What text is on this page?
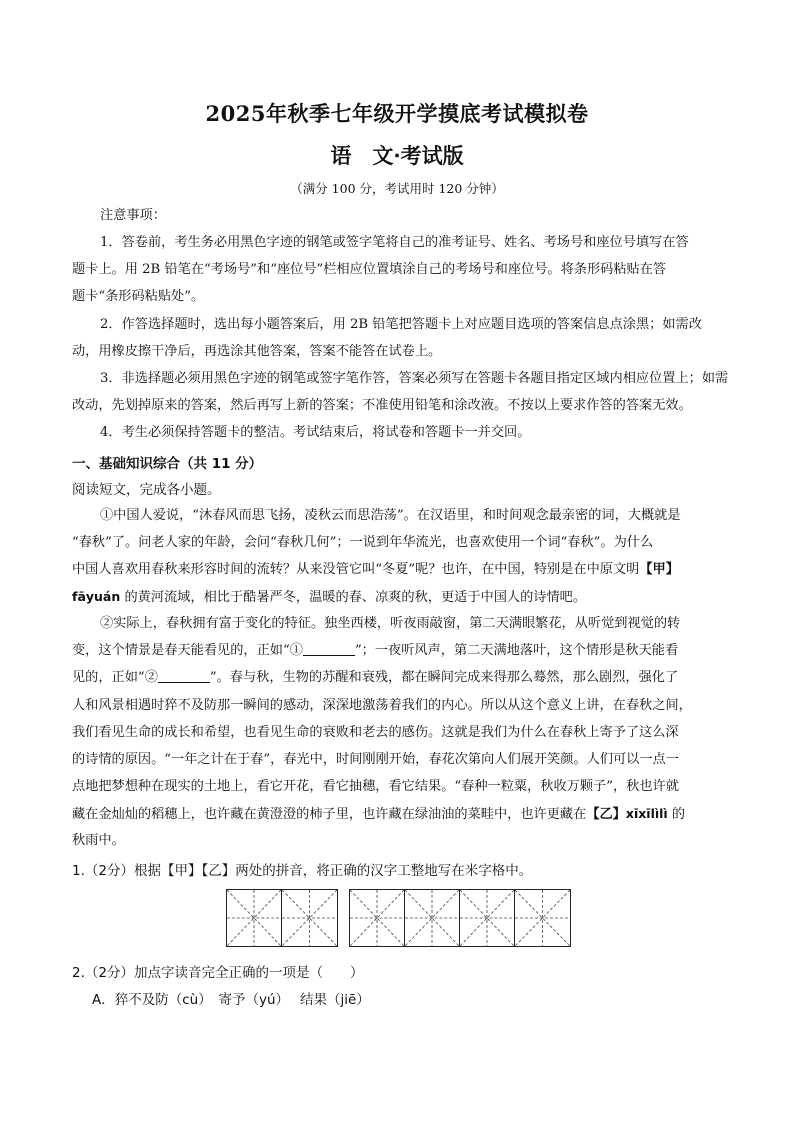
2025年秋季七年级开学摸底考试模拟卷
语　文·考试版
（满分 100 分，考试用时 120 分钟）
注意事项：
1．答卷前，考生务必用黑色字迹的钢笔或签字笔将自己的准考证号、姓名、考场号和座位号填写在答
题卡上。用 2B 铅笔在“考场号”和“座位号”栏相应位置填涂自己的考场号和座位号。将条形码粘贴在答
题卡“条形码粘贴处”。
2．作答选择题时，选出每小题答案后，用 2B 铅笔把答题卡上对应题目选项的答案信息点涂黑；如需改
动，用橡皮擦干净后，再选涂其他答案，答案不能答在试卷上。
3．非选择题必须用黑色字迹的钢笔或签字笔作答，答案必须写在答题卡各题目指定区域内相应位置上；如需
改动，先划掉原来的答案，然后再写上新的答案；不准使用铅笔和涂改液。不按以上要求作答的答案无效。
4．考生必须保持答题卡的整洁。考试结束后，将试卷和答题卡一并交回。
一、基础知识综合（共 11 分）
阅读短文，完成各小题。
①中国人爱说，“沐春风而思飞扬，凌秋云而思浩荡”。在汉语里，和时间观念最亲密的词，大概就是
“春秋”了。问老人家的年龄，会问“春秋几何”；一说到年华流光，也喜欢使用一个词“春秋”。为什么
中国人喜欢用春秋来形容时间的流转？从来没管它叫“冬夏”呢？也许，在中国，特别是在中原文明【甲】
fāyuán 的黄河流域，相比于酷暑严冬，温暖的春、凉爽的秋，更适于中国人的诗情吧。
②实际上，春秋拥有富于变化的特征。独坐西楼，听夜雨敲窗，第二天满眼繁花，从听觉到视觉的转
变，这个情景是春天能看见的，正如“①	”；一夜听风声，第二天满地落叶，这个情形是秋天能看
见的，正如“②	”。春与秋，生物的苏醒和衰残，都在瞬间完成来得那么蓦然，那么剧烈，强化了
人和风景相遇时猝不及防那一瞬间的感动，深深地激荡着我们的内心。所以从这个意义上讲，在春秋之间，
我们看见生命的成长和希望，也看见生命的衰败和老去的感伤。这就是我们为什么在春秋上寄予了这么深
的诗情的原因。“一年之计在于春”，春光中，时间刚刚开始，春花次第向人们展开笑颜。人们可以一点一
点地把梦想种在现实的土地上，看它开花，看它抽穗，看它结果。“春种一粒粟，秋收万颗子”，秋也许就
藏在金灿灿的稻穗上，也许藏在黄澄澄的柿子里，也许藏在绿油油的菜畦中，也许更藏在【乙】xīxīlìlì 的
秋雨中。
1.（2分）根据【甲】【乙】两处的拼音，将正确的汉字工整地写在米字格中。
2.（2分）加点字读音完全正确的一项是（　　）
A．猝不及防（cù）　寄予（yú）　 结果（jiē）
